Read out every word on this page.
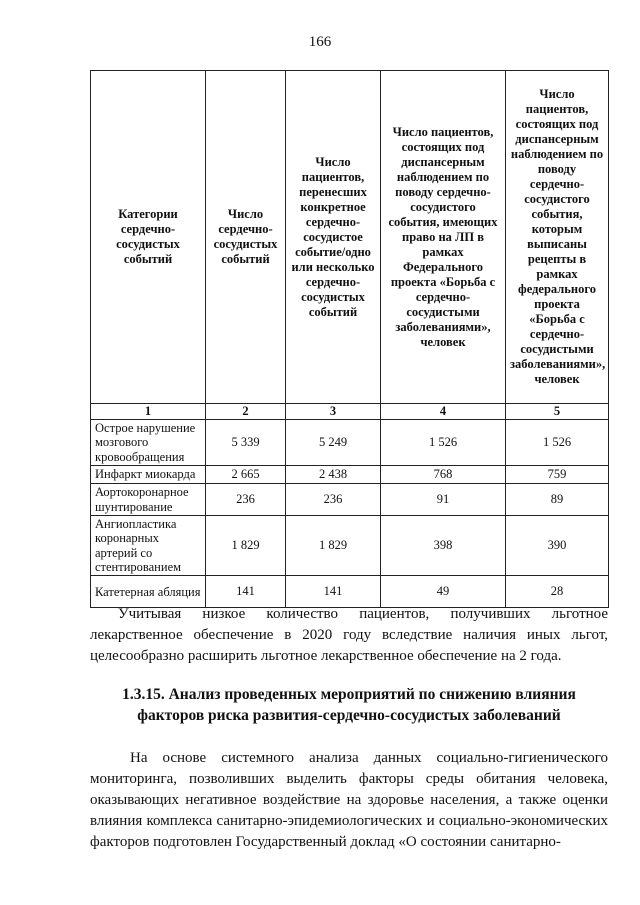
166
Категории сердечно-сосудистых событий	Число сердечно-сосудистых событий	Число пациентов, перенесших конкретное сердечно-сосудистое событие/одно или несколько сердечно-сосудистых событий	Число пациентов, состоящих под диспансерным наблюдением по поводу сердечно-сосудистого события, имеющих право на ЛП в рамках Федерального проекта «Борьба с сердечно-сосудистыми заболеваниями», человек	Число пациентов, состоящих под диспансерным наблюдением по поводу сердечно-сосудистого события, которым выписаны рецепты в рамках федерального проекта «Борьба с сердечно-сосудистыми заболеваниями», человек
1	2	3	4	5
Острое нарушение мозгового кровообращения	5 339	5 249	1 526	1 526
Инфаркт миокарда	2 665	2 438	768	759
Аортокоронарное шунтирование	236	236	91	89
Ангиопластика коронарных артерий со стентированием	1 829	1 829	398	390
Катетерная абляция	141	141	49	28

Учитывая низкое количество пациентов, получивших льготное лекарственное обеспечение в 2020 году вследствие наличия иных льгот, целесообразно расширить льготное лекарственное обеспечение на 2 года.

1.3.15. Анализ проведенных мероприятий по снижению влияния факторов риска развития-сердечно-сосудистых заболеваний

На основе системного анализа данных социально-гигиенического мониторинга, позволивших выделить факторы среды обитания человека, оказывающих негативное воздействие на здоровье населения, а также оценки влияния комплекса санитарно-эпидемиологических и социально-экономических факторов подготовлен Государственный доклад «О состоянии санитарно-
